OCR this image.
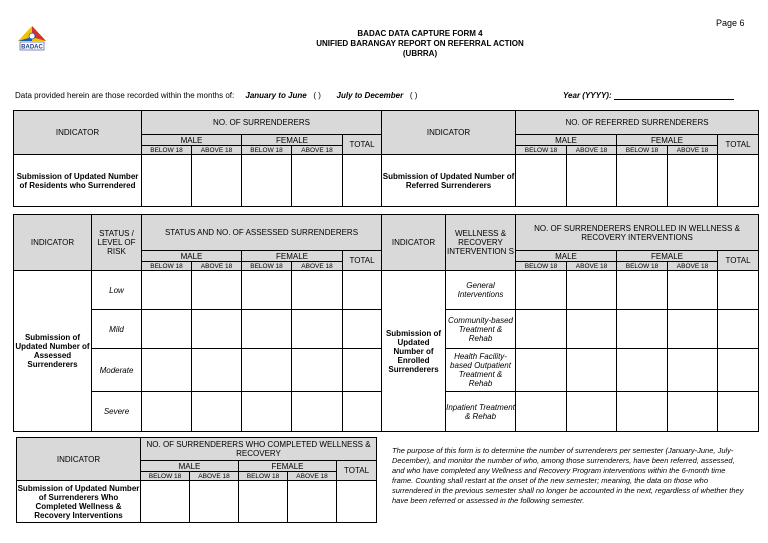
Page 6
BADAC
BADAC DATA CAPTURE FORM 4
UNIFIED BARANGAY REPORT ON REFERRAL ACTION
(UBRRA)
Data provided herein are those recorded within the months of: January to June ( ) July to December ( )	Year (YYYY):
INDICATOR	NO. OF SURRENDERERS					INDICATOR	NO. OF REFERRED SURRENDERERS				
	MALE		FEMALE		TOTAL		MALE		FEMALE		TOTAL
	BELOW 18	ABOVE 18	BELOW 18	ABOVE 18			BELOW 18	ABOVE 18	BELOW 18	ABOVE 18	
Submission of Updated Number of Residents who Surrendered						Submission of Updated Number of Referred Surrenderers					
INDICATOR	STATUS / LEVEL OF RISK	STATUS AND NO. OF ASSESSED SURRENDERERS					INDICATOR	WELLNESS & RECOVERY INTERVENTION S	NO. OF SURRENDERERS ENROLLED IN WELLNESS & RECOVERY INTERVENTIONS				
		MALE		FEMALE		TOTAL			MALE		FEMALE		TOTAL
		BELOW 18	ABOVE 18	BELOW 18	ABOVE 18				BELOW 18	ABOVE 18	BELOW 18	ABOVE 18	
Submission of Updated Number of Assessed Surrenderers	Low						Submission of Updated Number of Enrolled Surrenderers	General Interventions					
	Mild							Community-based Treatment & Rehab					
	Moderate							Health Facility-based Outpatient Treatment & Rehab					
	Severe							Inpatient Treatment & Rehab					
INDICATOR	NO. OF SURRENDERERS WHO COMPLETED WELLNESS & RECOVERY				
	MALE		FEMALE		TOTAL
	BELOW 18	ABOVE 18	BELOW 18	ABOVE 18	
Submission of Updated Number of Surrenderers Who Completed Wellness & Recovery Interventions					
The purpose of this form is to determine the number of surrenderers per semester (January-June, July-December), and monitor the number of who, among those surrenderers, have been referred, assessed, and who have completed any Wellness and Recovery Program interventions within the 6-month time frame. Counting shall restart at the onset of the new semester; meaning, the data on those who surrendered in the previous semester shall no longer be accounted in the next, regardless of whether they have been referred or assessed in the following semester.
